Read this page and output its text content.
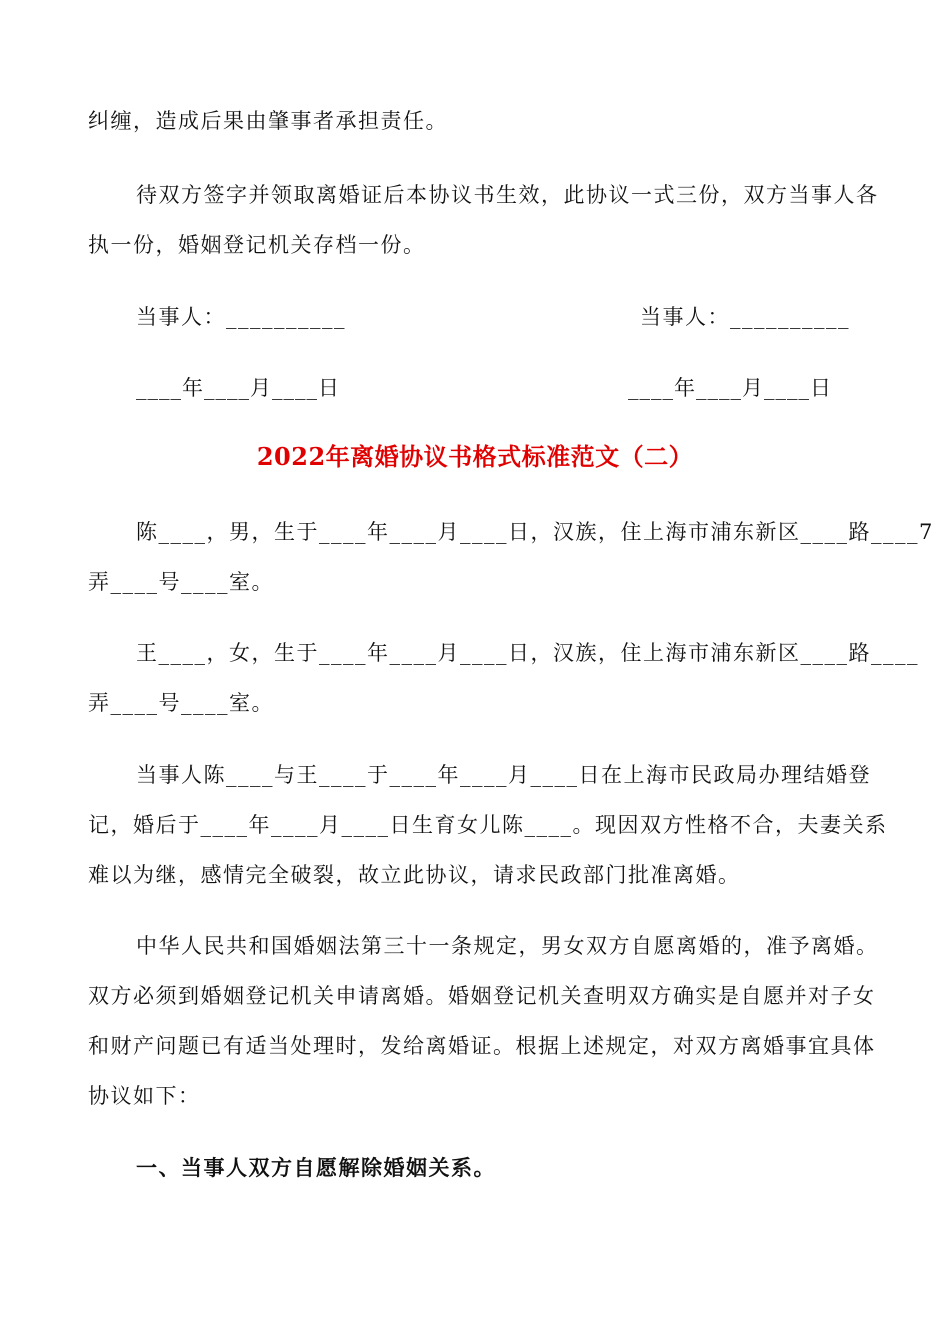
纠缠，造成后果由肇事者承担责任。
待双方签字并领取离婚证后本协议书生效，此协议一式三份，双方当事人各
执一份，婚姻登记机关存档一份。
当事人：__________	当事人：__________
____年____月____日	____年____月____日
2022年离婚协议书格式标准范文（二）
陈____，男，生于____年____月____日，汉族，住上海市浦东新区____路____7
弄____号____室。
王____，女，生于____年____月____日，汉族，住上海市浦东新区____路____
弄____号____室。
当事人陈____与王____于____年____月____日在上海市民政局办理结婚登
记，婚后于____年____月____日生育女儿陈____。现因双方性格不合，夫妻关系
难以为继，感情完全破裂，故立此协议，请求民政部门批准离婚。
中华人民共和国婚姻法第三十一条规定，男女双方自愿离婚的，准予离婚。
双方必须到婚姻登记机关申请离婚。婚姻登记机关查明双方确实是自愿并对子女
和财产问题已有适当处理时，发给离婚证。根据上述规定，对双方离婚事宜具体
协议如下：
一、当事人双方自愿解除婚姻关系。
